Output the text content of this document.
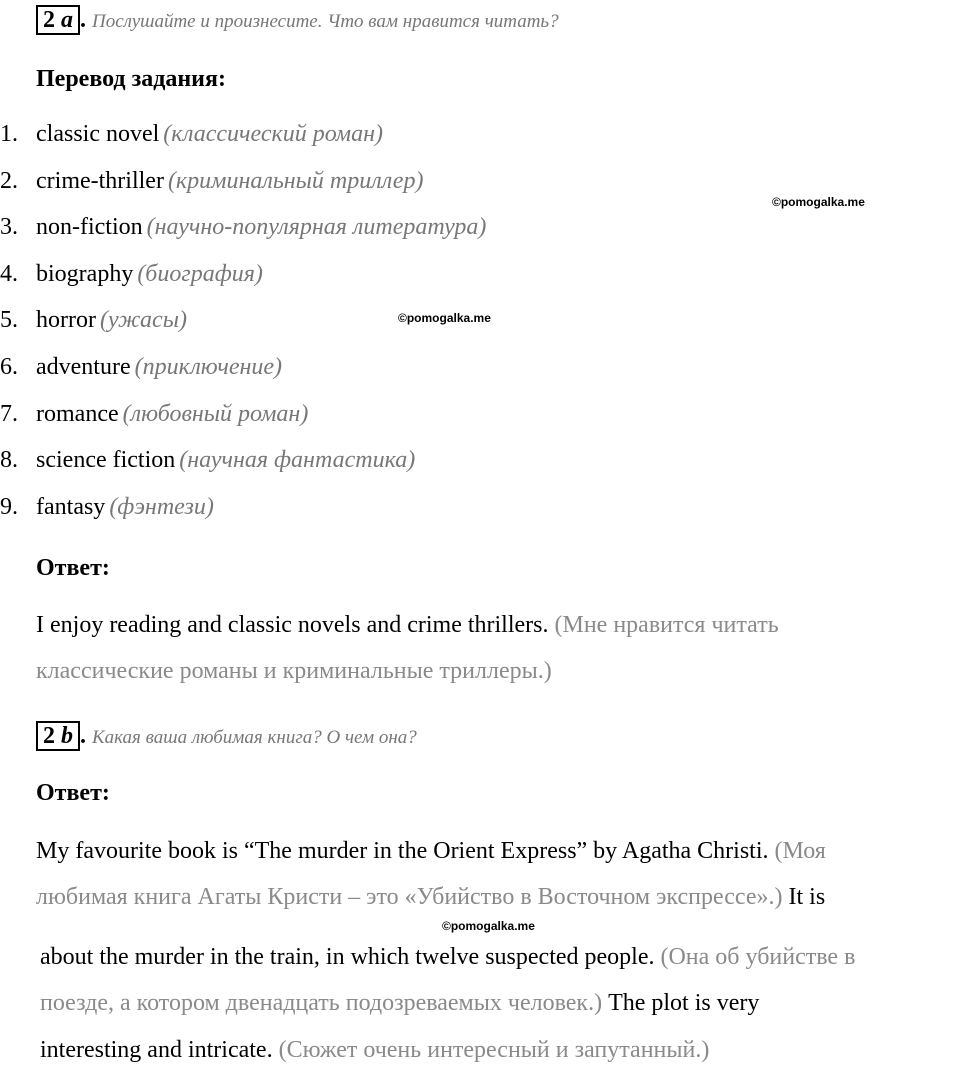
2 a . Послушайте и произнесите. Что вам нравится читать?
Перевод задания:
1. classic novel (классический роман)
2. crime-thriller (криминальный триллер)
3. non-fiction (научно-популярная литература)
4. biography (биография)
5. horror (ужасы)
6. adventure (приключение)
7. romance (любовный роман)
8. science fiction (научная фантастика)
9. fantasy (фэнтези)
Ответ:
I enjoy reading and classic novels and crime thrillers. (Мне нравится читать
классические романы и криминальные триллеры.)
2 b . Какая ваша любимая книга? О чем она?
Ответ:
My favourite book is “The murder in the Orient Express” by Agatha Christi. (Моя
любимая книга Агаты Кристи – это «Убийство в Восточном экспрессе».) It is
about the murder in the train, in which twelve suspected people. (Она об убийстве в
поезде, а котором двенадцать подозреваемых человек.) The plot is very
interesting and intricate. (Сюжет очень интересный и запутанный.)
©pomogalka.me
©pomogalka.me
©pomogalka.me
